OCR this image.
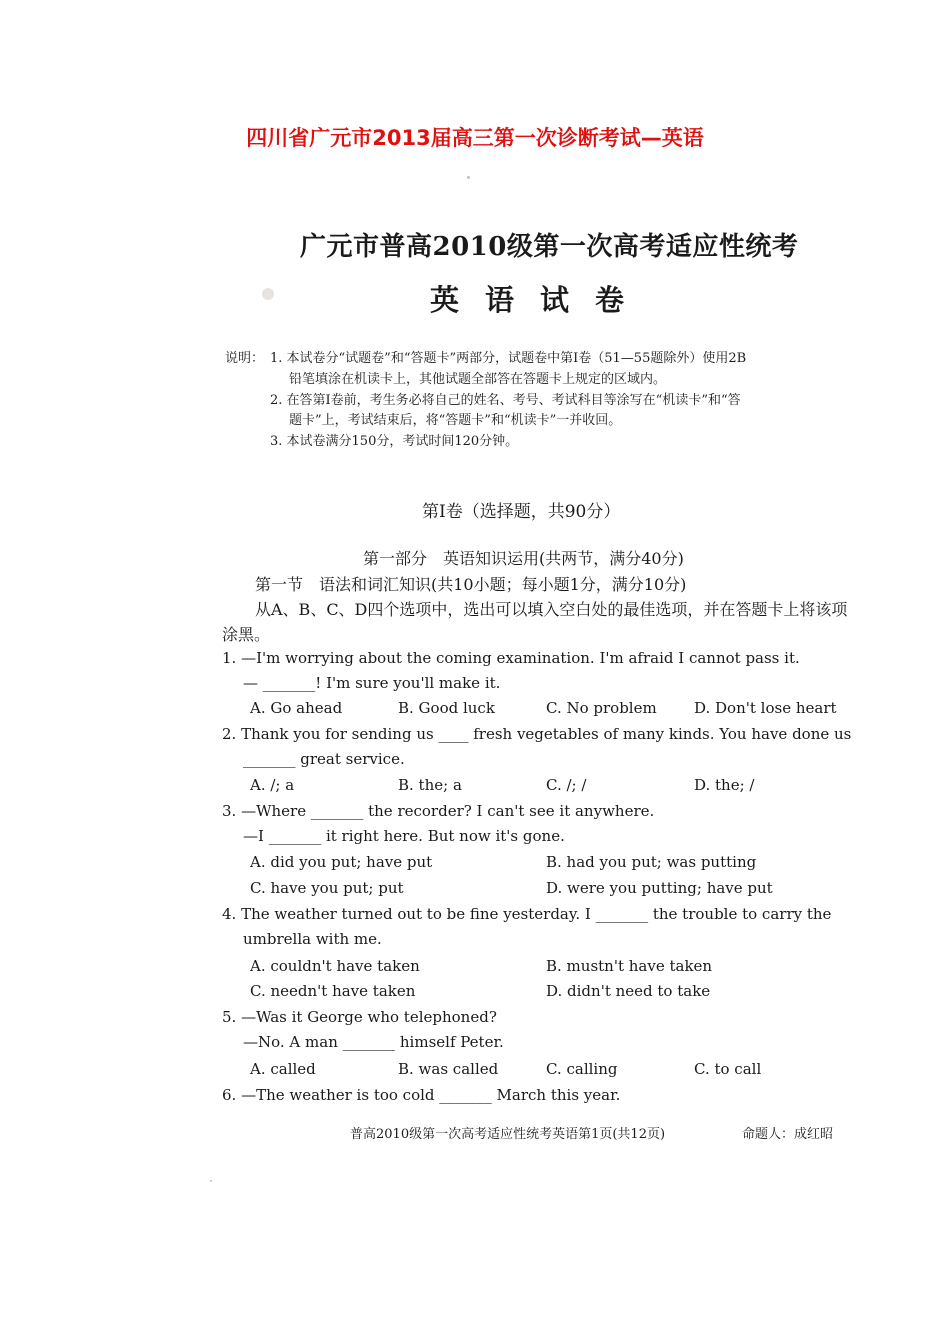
四川省广元市2013届高三第一次诊断考试—英语
广元市普高2010级第一次高考适应性统考
英语试卷
说明： 1. 本试卷分“试题卷”和“答题卡”两部分，试题卷中第Ⅰ卷（51—55题除外）使用2B
铅笔填涂在机读卡上，其他试题全部答在答题卡上规定的区域内。
2. 在答第Ⅰ卷前，考生务必将自己的姓名、考号、考试科目等涂写在“机读卡”和“答
题卡”上，考试结束后，将“答题卡”和“机读卡”一并收回。
3. 本试卷满分150分，考试时间120分钟。
第Ⅰ卷（选择题，共90分）
第一部分　英语知识运用(共两节，满分40分)
第一节　语法和词汇知识(共10小题；每小题1分，满分10分)
从A、B、C、D四个选项中，选出可以填入空白处的最佳选项，并在答题卡上将该项
涂黑。
1. —I'm worrying about the coming examination. I'm afraid I cannot pass it.
— _______! I'm sure you'll make it.
A. Go ahead	B. Good luck	C. No problem D. Don't lose heart
2. Thank you for sending us ____ fresh vegetables of many kinds. You have done us
_______ great service.
A. /; a	B. the; a	C. /; /	D. the; /
3. —Where _______ the recorder? I can't see it anywhere.
—I _______ it right here. But now it's gone.
A. did you put; have put	B. had you put; was putting
C. have you put; put	D. were you putting; have put
4. The weather turned out to be fine yesterday. I _______ the trouble to carry the
umbrella with me.
A. couldn't have taken	B. mustn't have taken
C. needn't have taken	D. didn't need to take
5. —Was it George who telephoned?
—No. A man _______ himself Peter.
A. called	B. was called	C. calling	C. to call
6. —The weather is too cold _______ March this year.
普高2010级第一次高考适应性统考英语第1页(共12页)	命题人：成红昭
